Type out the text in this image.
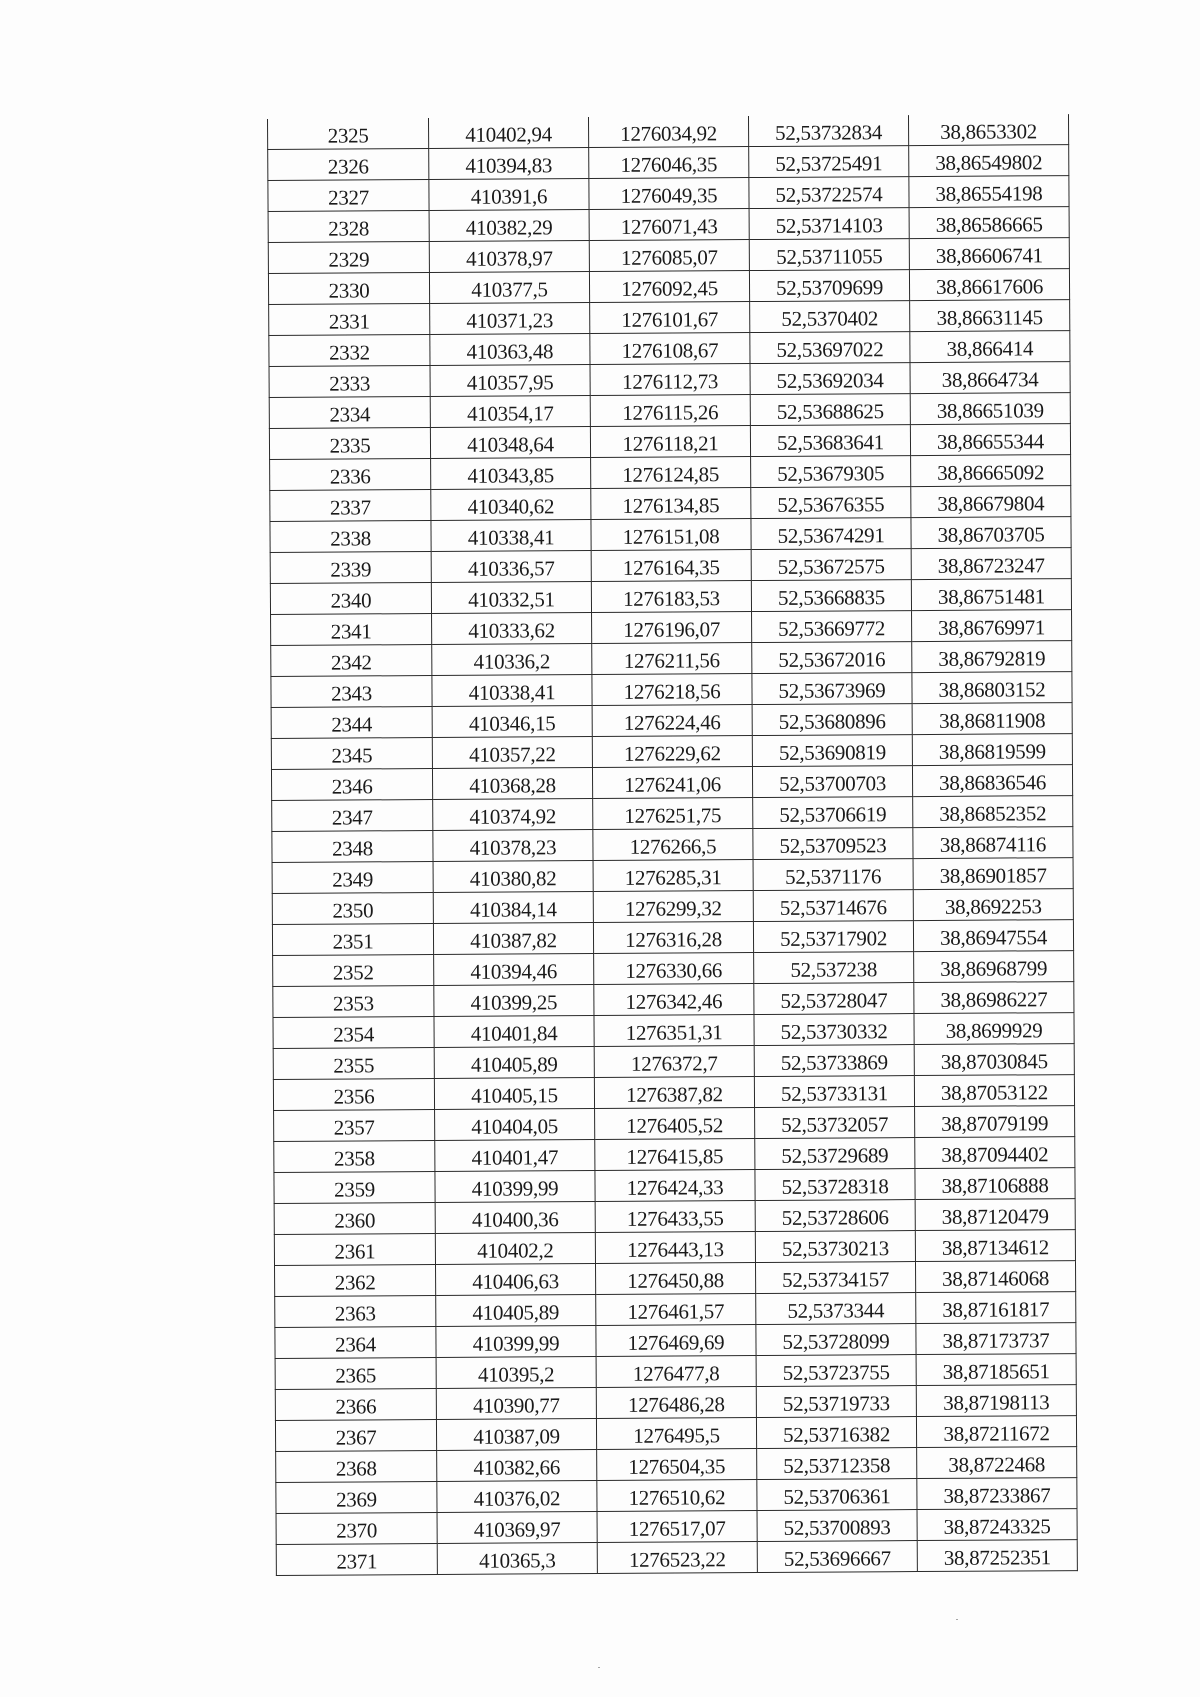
2325	410402,94	1276034,92	52,53732834	38,8653302
2326	410394,83	1276046,35	52,53725491	38,86549802
2327	410391,6	1276049,35	52,53722574	38,86554198
2328	410382,29	1276071,43	52,53714103	38,86586665
2329	410378,97	1276085,07	52,53711055	38,86606741
2330	410377,5	1276092,45	52,53709699	38,86617606
2331	410371,23	1276101,67	52,5370402	38,86631145
2332	410363,48	1276108,67	52,53697022	38,866414
2333	410357,95	1276112,73	52,53692034	38,8664734
2334	410354,17	1276115,26	52,53688625	38,86651039
2335	410348,64	1276118,21	52,53683641	38,86655344
2336	410343,85	1276124,85	52,53679305	38,86665092
2337	410340,62	1276134,85	52,53676355	38,86679804
2338	410338,41	1276151,08	52,53674291	38,86703705
2339	410336,57	1276164,35	52,53672575	38,86723247
2340	410332,51	1276183,53	52,53668835	38,86751481
2341	410333,62	1276196,07	52,53669772	38,86769971
2342	410336,2	1276211,56	52,53672016	38,86792819
2343	410338,41	1276218,56	52,53673969	38,86803152
2344	410346,15	1276224,46	52,53680896	38,86811908
2345	410357,22	1276229,62	52,53690819	38,86819599
2346	410368,28	1276241,06	52,53700703	38,86836546
2347	410374,92	1276251,75	52,53706619	38,86852352
2348	410378,23	1276266,5	52,53709523	38,86874116
2349	410380,82	1276285,31	52,5371176	38,86901857
2350	410384,14	1276299,32	52,53714676	38,8692253
2351	410387,82	1276316,28	52,53717902	38,86947554
2352	410394,46	1276330,66	52,537238	38,86968799
2353	410399,25	1276342,46	52,53728047	38,86986227
2354	410401,84	1276351,31	52,53730332	38,8699929
2355	410405,89	1276372,7	52,53733869	38,87030845
2356	410405,15	1276387,82	52,53733131	38,87053122
2357	410404,05	1276405,52	52,53732057	38,87079199
2358	410401,47	1276415,85	52,53729689	38,87094402
2359	410399,99	1276424,33	52,53728318	38,87106888
2360	410400,36	1276433,55	52,53728606	38,87120479
2361	410402,2	1276443,13	52,53730213	38,87134612
2362	410406,63	1276450,88	52,53734157	38,87146068
2363	410405,89	1276461,57	52,5373344	38,87161817
2364	410399,99	1276469,69	52,53728099	38,87173737
2365	410395,2	1276477,8	52,53723755	38,87185651
2366	410390,77	1276486,28	52,53719733	38,87198113
2367	410387,09	1276495,5	52,53716382	38,87211672
2368	410382,66	1276504,35	52,53712358	38,8722468
2369	410376,02	1276510,62	52,53706361	38,87233867
2370	410369,97	1276517,07	52,53700893	38,87243325
2371	410365,3	1276523,22	52,53696667	38,87252351
